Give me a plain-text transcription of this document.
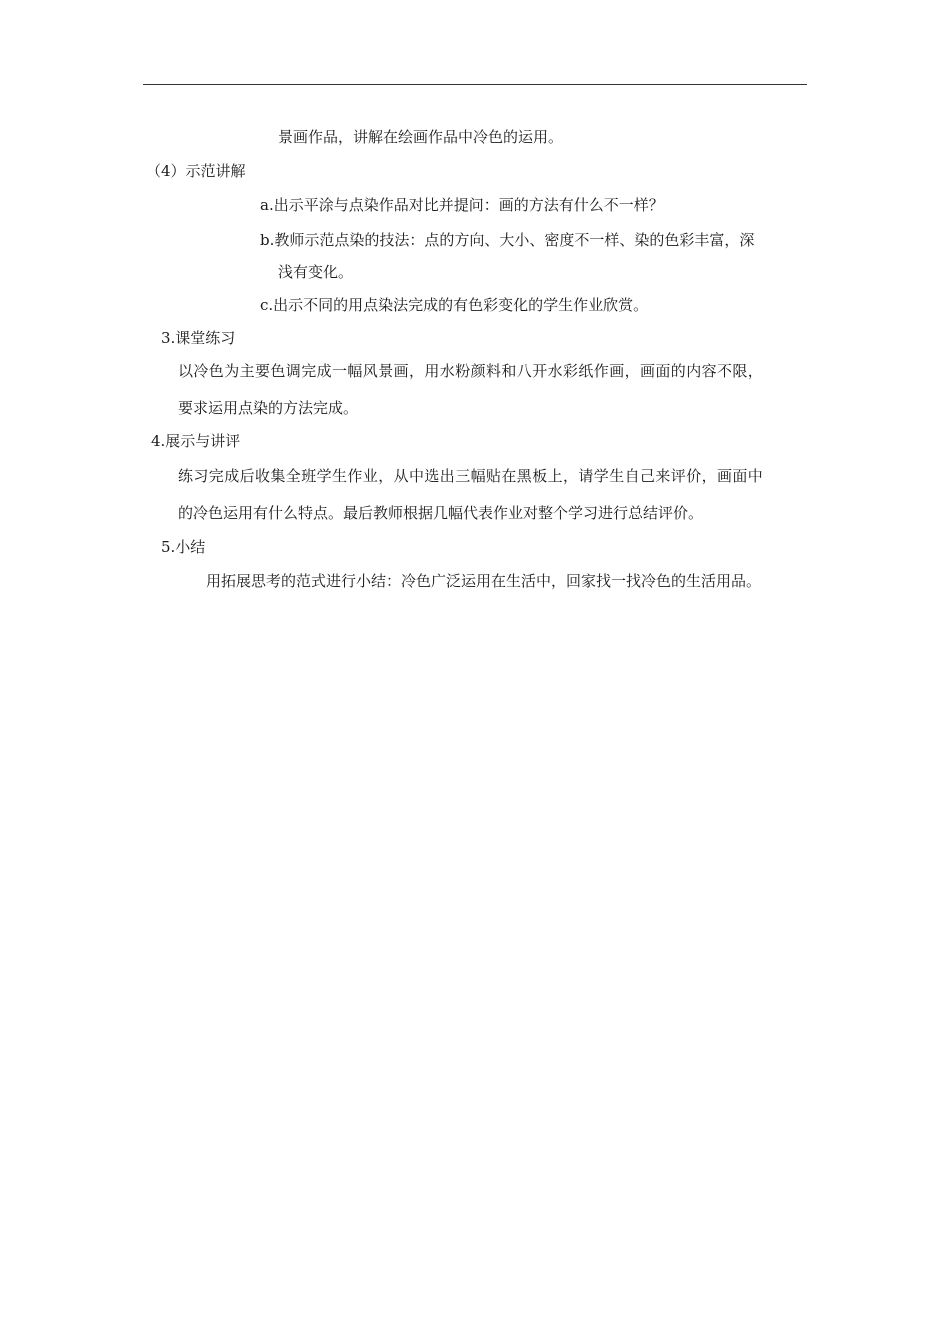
景画作品，讲解在绘画作品中冷色的运用。
（4）示范讲解
a.出示平涂与点染作品对比并提问：画的方法有什么不一样？
b.教师示范点染的技法：点的方向、大小、密度不一样、染的色彩丰富，深
浅有变化。
c.出示不同的用点染法完成的有色彩变化的学生作业欣赏。
3.课堂练习
以冷色为主要色调完成一幅风景画，用水粉颜料和八开水彩纸作画，画面的内容不限，
要求运用点染的方法完成。
4.展示与讲评
练习完成后收集全班学生作业，从中选出三幅贴在黑板上，请学生自己来评价，画面中
的冷色运用有什么特点。最后教师根据几幅代表作业对整个学习进行总结评价。
5.小结
用拓展思考的范式进行小结：冷色广泛运用在生活中，回家找一找冷色的生活用品。
